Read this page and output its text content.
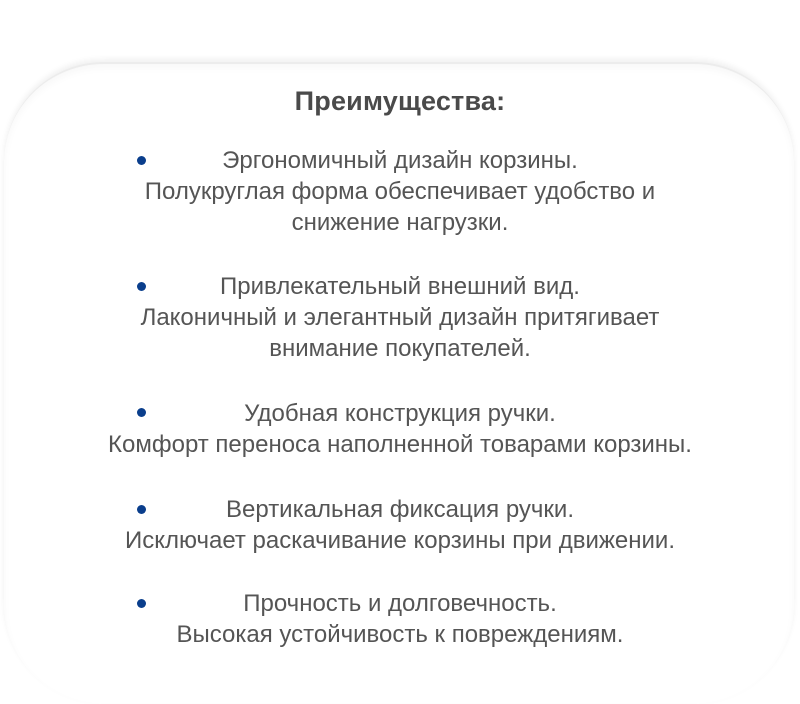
Преимущества:
Эргономичный дизайн корзины.
Полукруглая форма обеспечивает удобство и
снижение нагрузки.
Привлекательный внешний вид.
Лаконичный и элегантный дизайн притягивает
внимание покупателей.
Удобная конструкция ручки.
Комфорт переноса наполненной товарами корзины.
Вертикальная фиксация ручки.
Исключает раскачивание корзины при движении.
Прочность и долговечность.
Высокая устойчивость к повреждениям.
